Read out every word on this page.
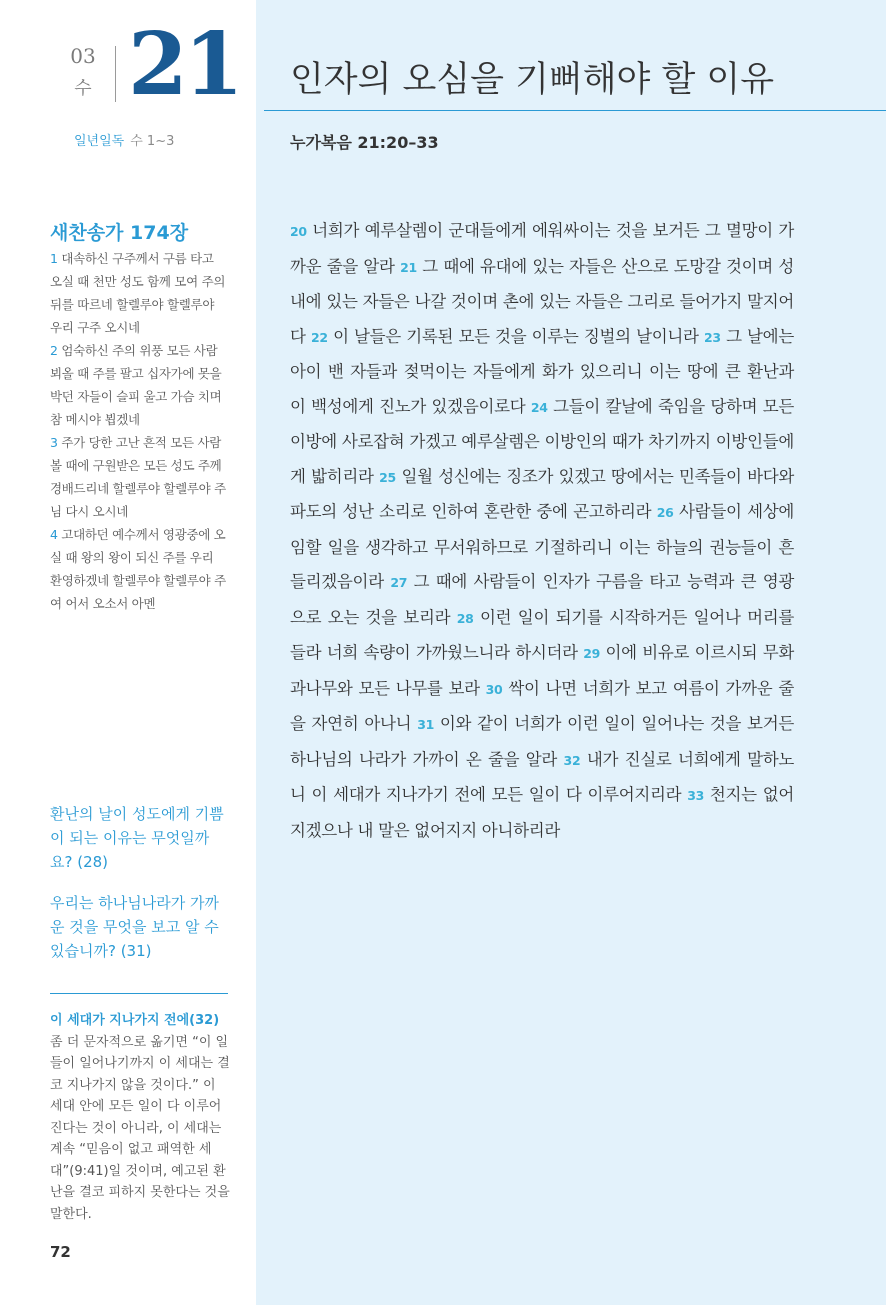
03
수 21
일년일독 수 1~3
새찬송가 174장
1 대속하신 구주께서 구름 타고 오실 때 천만 성도 함께 모여 주의 뒤를 따르네 할렐루야 할렐루야 우리 구주 오시네
2 엄숙하신 주의 위풍 모든 사람 뵈올 때 주를 팔고 십자가에 못을 박던 자들이 슬피 울고 가슴 치며 참 메시야 뵙겠네
3 주가 당한 고난 흔적 모든 사람 볼 때에 구원받은 모든 성도 주께 경배드리네 할렐루야 할렐루야 주님 다시 오시네
4 고대하던 예수께서 영광중에 오실 때 왕의 왕이 되신 주를 우리 환영하겠네 할렐루야 할렐루야 주여 어서 오소서 아멘

환난의 날이 성도에게 기쁨이 되는 이유는 무엇일까요? (28)

우리는 하나님나라가 가까운 것을 무엇을 보고 알 수 있습니까? (31)

이 세대가 지나가지 전에(32) 좀 더 문자적으로 옮기면 “이 일들이 일어나기까지 이 세대는 결코 지나가지 않을 것이다.” 이 세대 안에 모든 일이 다 이루어진다는 것이 아니라, 이 세대는 계속 “믿음이 없고 패역한 세대”(9:41)일 것이며, 예고된 환난을 결코 피하지 못한다는 것을 말한다.
72
인자의 오심을 기뻐해야 할 이유
누가복음 21:20–33
20 너희가 예루살렘이 군대들에게 에워싸이는 것을 보거든 그 멸망이 가까운 줄을 알라 21 그 때에 유대에 있는 자들은 산으로 도망갈 것이며 성내에 있는 자들은 나갈 것이며 촌에 있는 자들은 그리로 들어가지 말지어다 22 이 날들은 기록된 모든 것을 이루는 징벌의 날이니라 23 그 날에는 아이 밴 자들과 젖먹이는 자들에게 화가 있으리니 이는 땅에 큰 환난과 이 백성에게 진노가 있겠음이로다 24 그들이 칼날에 죽임을 당하며 모든 이방에 사로잡혀 가겠고 예루살렘은 이방인의 때가 차기까지 이방인들에게 밟히리라 25 일월 성신에는 징조가 있겠고 땅에서는 민족들이 바다와 파도의 성난 소리로 인하여 혼란한 중에 곤고하리라 26 사람들이 세상에 임할 일을 생각하고 무서워하므로 기절하리니 이는 하늘의 권능들이 흔들리겠음이라 27 그 때에 사람들이 인자가 구름을 타고 능력과 큰 영광으로 오는 것을 보리라 28 이런 일이 되기를 시작하거든 일어나 머리를 들라 너희 속량이 가까웠느니라 하시더라 29 이에 비유로 이르시되 무화과나무와 모든 나무를 보라 30 싹이 나면 너희가 보고 여름이 가까운 줄을 자연히 아나니 31 이와 같이 너희가 이런 일이 일어나는 것을 보거든 하나님의 나라가 가까이 온 줄을 알라 32 내가 진실로 너희에게 말하노니 이 세대가 지나가기 전에 모든 일이 다 이루어지리라 33 천지는 없어지겠으나 내 말은 없어지지 아니하리라
